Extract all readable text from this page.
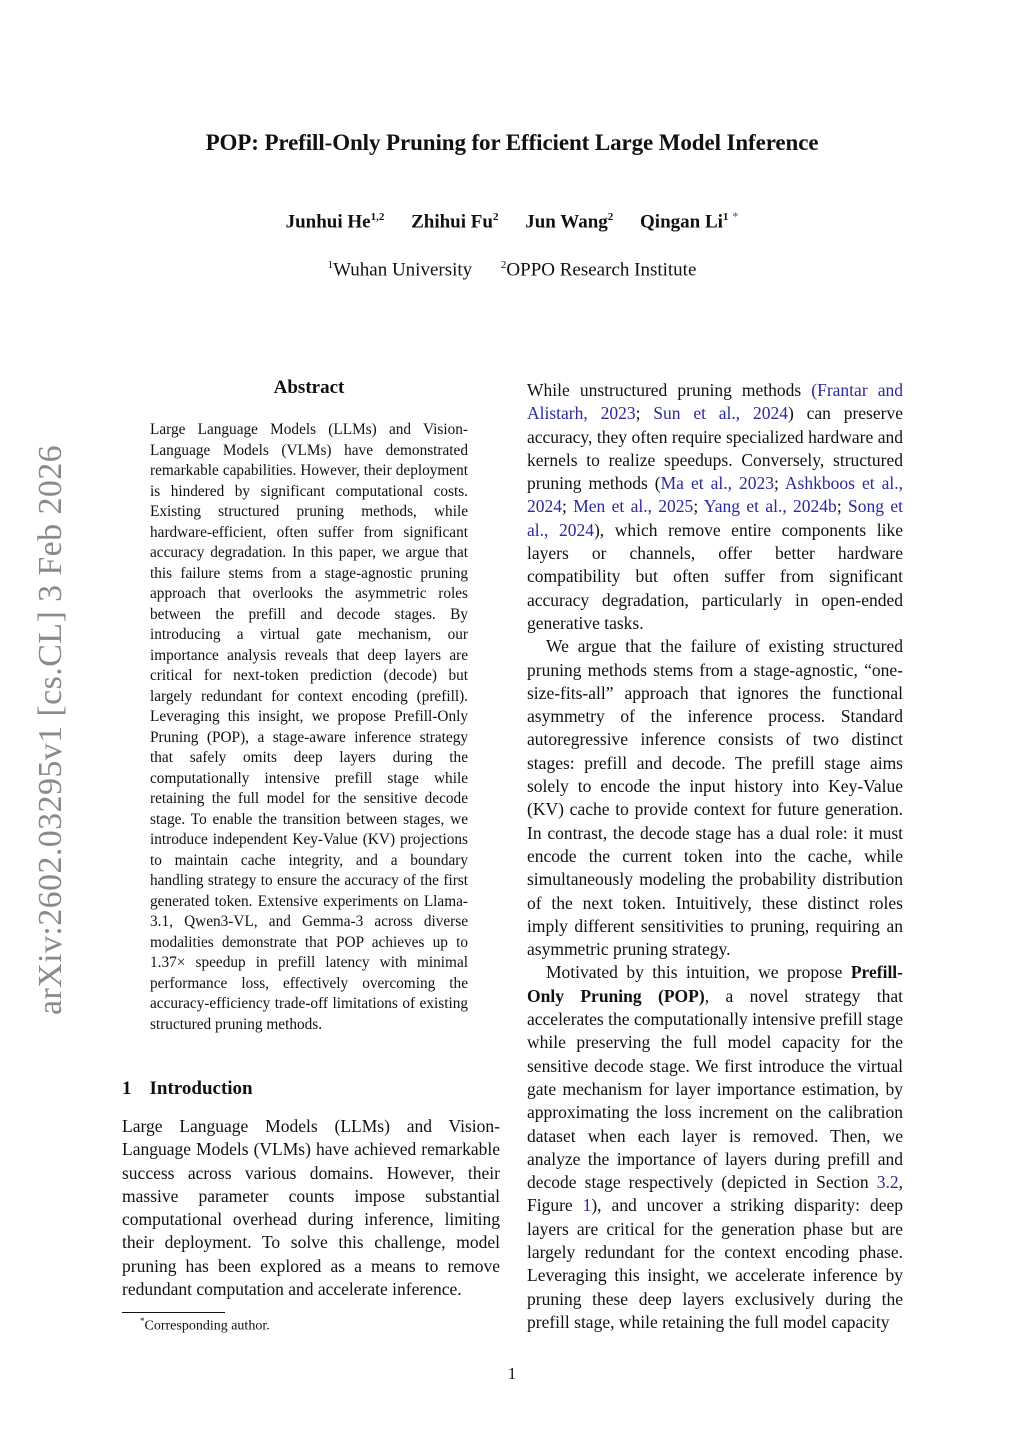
POP: Prefill-Only Pruning for Efficient Large Model Inference
Junhui He$^{1,2}$ Zhihui Fu$^2$ Jun Wang$^2$ Qingan Li$^1$ *
$^1$Wuhan University	$^2$OPPO Research Institute
arXiv:2602.03295v1 [cs.CL] 3 Feb 2026
Abstract

Large Language Models (LLMs) and Vision-Language Models (VLMs) have demonstrated remarkable capabilities. However, their deployment is hindered by significant computational costs. Existing structured pruning methods, while hardware-efficient, often suffer from significant accuracy degradation. In this paper, we argue that this failure stems from a stage-agnostic pruning approach that overlooks the asymmetric roles between the prefill and decode stages. By introducing a virtual gate mechanism, our importance analysis reveals that deep layers are critical for next-token prediction (decode) but largely redundant for context encoding (prefill). Leveraging this insight, we propose Prefill-Only Pruning (POP), a stage-aware inference strategy that safely omits deep layers during the computationally intensive prefill stage while retaining the full model for the sensitive decode stage. To enable the transition between stages, we introduce independent Key-Value (KV) projections to maintain cache integrity, and a boundary handling strategy to ensure the accuracy of the first generated token. Extensive experiments on Llama-3.1, Qwen3-VL, and Gemma-3 across diverse modalities demonstrate that POP achieves up to 1.37× speedup in prefill latency with minimal performance loss, effectively overcoming the accuracy-efficiency trade-off limitations of existing structured pruning methods.

1 Introduction

Large Language Models (LLMs) and Vision-Language Models (VLMs) have achieved remarkable success across various domains. However, their massive parameter counts impose substantial computational overhead during inference, limiting their deployment. To solve this challenge, model pruning has been explored as a means to remove redundant computation and accelerate inference.

*Corresponding author.

While unstructured pruning methods (Frantar and Alistarh, 2023; Sun et al., 2024) can preserve accuracy, they often require specialized hardware and kernels to realize speedups. Conversely, structured pruning methods (Ma et al., 2023; Ashkboos et al., 2024; Men et al., 2025; Yang et al., 2024b; Song et al., 2024), which remove entire components like layers or channels, offer better hardware compatibility but often suffer from significant accuracy degradation, particularly in open-ended generative tasks.

We argue that the failure of existing structured pruning methods stems from a stage-agnostic, “one-size-fits-all” approach that ignores the functional asymmetry of the inference process. Standard autoregressive inference consists of two distinct stages: prefill and decode. The prefill stage aims solely to encode the input history into Key-Value (KV) cache to provide context for future generation. In contrast, the decode stage has a dual role: it must encode the current token into the cache, while simultaneously modeling the probability distribution of the next token. Intuitively, these distinct roles imply different sensitivities to pruning, requiring an asymmetric pruning strategy.

Motivated by this intuition, we propose Prefill-Only Pruning (POP), a novel strategy that accelerates the computationally intensive prefill stage while preserving the full model capacity for the sensitive decode stage. We first introduce the virtual gate mechanism for layer importance estimation, by approximating the loss increment on the calibration dataset when each layer is removed. Then, we analyze the importance of layers during prefill and decode stage respectively (depicted in Section 3.2, Figure 1), and uncover a striking disparity: deep layers are critical for the generation phase but are largely redundant for the context encoding phase. Leveraging this insight, we accelerate inference by pruning these deep layers exclusively during the prefill stage, while retaining the full model capacity

1
